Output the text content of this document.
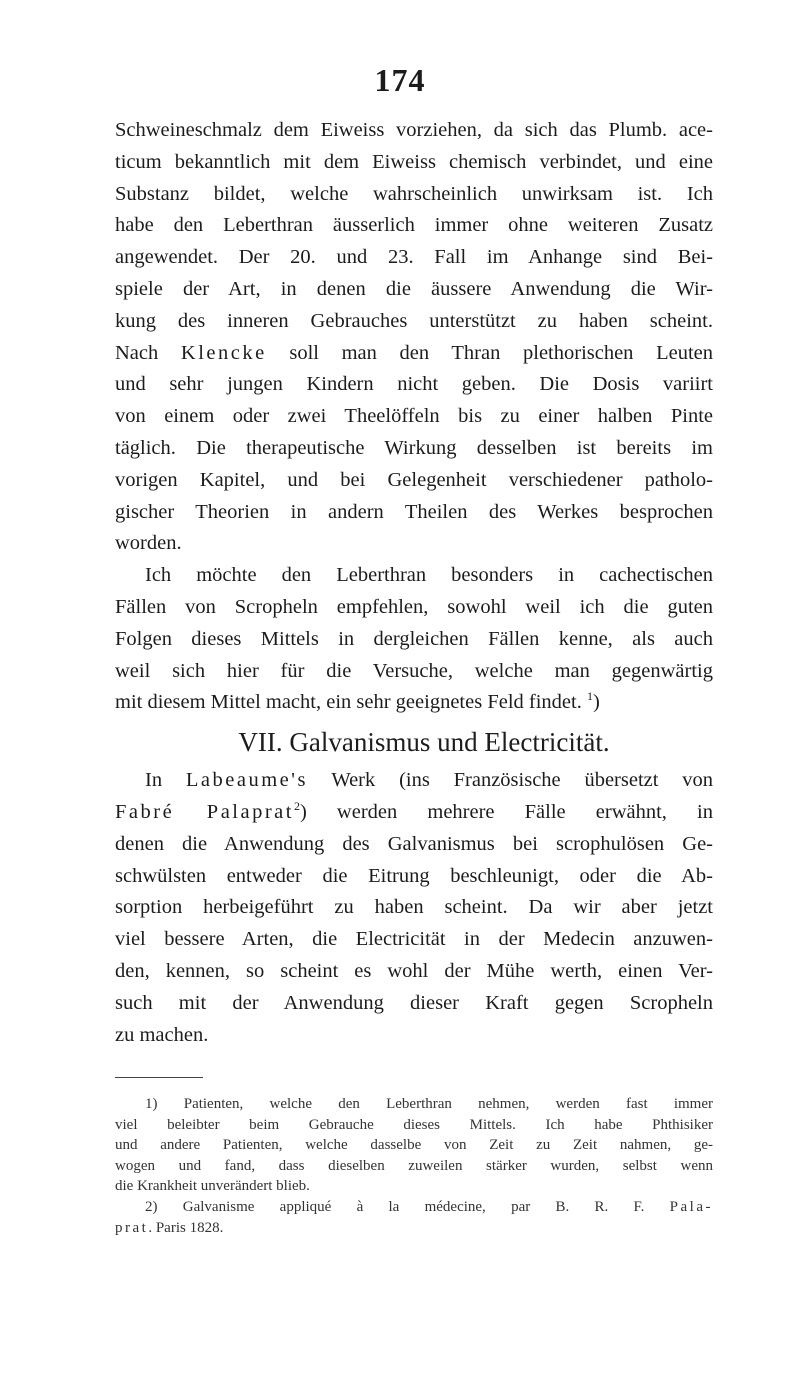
174
Schweineschmalz dem Eiweiss vorziehen, da sich das Plumb. ace-
ticum bekanntlich mit dem Eiweiss chemisch verbindet, und eine
Substanz bildet, welche wahrscheinlich unwirksam ist. Ich
habe den Leberthran äusserlich immer ohne weiteren Zusatz
angewendet. Der 20. und 23. Fall im Anhange sind Bei-
spiele der Art, in denen die äussere Anwendung die Wir-
kung des inneren Gebrauches unterstützt zu haben scheint.
Nach Klencke soll man den Thran plethorischen Leuten
und sehr jungen Kindern nicht geben. Die Dosis variirt
von einem oder zwei Theelöffeln bis zu einer halben Pinte
täglich. Die therapeutische Wirkung desselben ist bereits im
vorigen Kapitel, und bei Gelegenheit verschiedener patholo-
gischer Theorien in andern Theilen des Werkes besprochen
worden.
Ich möchte den Leberthran besonders in cachectischen
Fällen von Scropheln empfehlen, sowohl weil ich die guten
Folgen dieses Mittels in dergleichen Fällen kenne, als auch
weil sich hier für die Versuche, welche man gegenwärtig
mit diesem Mittel macht, ein sehr geeignetes Feld findet. $^1$)
VII. Galvanismus und Electricität.
In Labeaume's Werk (ins Französische übersetzt von
Fabré Palaprat$^2$) werden mehrere Fälle erwähnt, in
denen die Anwendung des Galvanismus bei scrophulösen Ge-
schwülsten entweder die Eitrung beschleunigt, oder die Ab-
sorption herbeigeführt zu haben scheint. Da wir aber jetzt
viel bessere Arten, die Electricität in der Medecin anzuwen-
den, kennen, so scheint es wohl der Mühe werth, einen Ver-
such mit der Anwendung dieser Kraft gegen Scropheln
zu machen.
1) Patienten, welche den Leberthran nehmen, werden fast immer
viel beleibter beim Gebrauche dieses Mittels. Ich habe Phthisiker
und andere Patienten, welche dasselbe von Zeit zu Zeit nahmen, ge-
wogen und fand, dass dieselben zuweilen stärker wurden, selbst wenn
die Krankheit unverändert blieb.
2) Galvanisme appliqué à la médecine, par B. R. F. Pala-
prat. Paris 1828.
